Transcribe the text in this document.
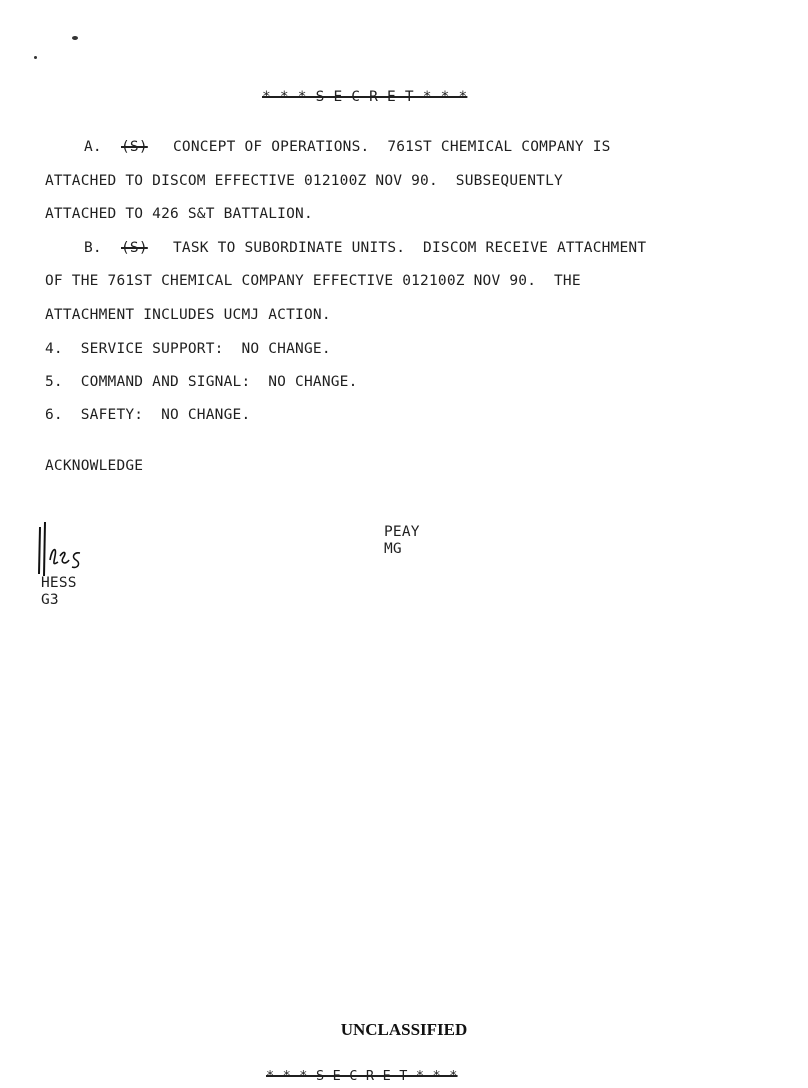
* * * S E C R E T * * *
A. (S) CONCEPT OF OPERATIONS.  761ST CHEMICAL COMPANY IS
ATTACHED TO DISCOM EFFECTIVE 012100Z NOV 90.  SUBSEQUENTLY
ATTACHED TO 426 S&T BATTALION.
B. (S) TASK TO SUBORDINATE UNITS.  DISCOM RECEIVE ATTACHMENT
OF THE 761ST CHEMICAL COMPANY EFFECTIVE 012100Z NOV 90.  THE
ATTACHMENT INCLUDES UCMJ ACTION.
4.  SERVICE SUPPORT:  NO CHANGE.
5.  COMMAND AND SIGNAL:  NO CHANGE.
6.  SAFETY:  NO CHANGE.
ACKNOWLEDGE
PEAY
MG
HESS
G3
UNCLASSIFIED
* * * S E C R E T * * *
